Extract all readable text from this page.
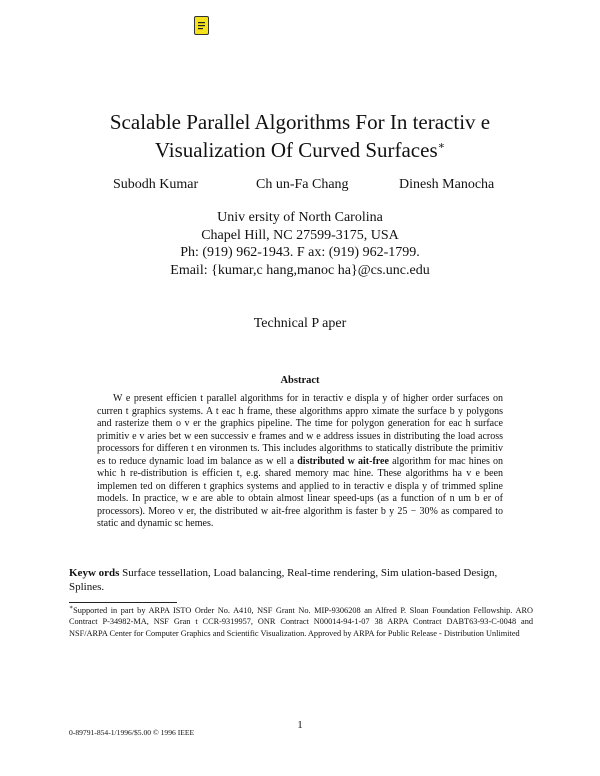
Scalable Parallel Algorithms For In teractiv e
Visualization Of Curved Surfaces∗
Subodh Kumar	Ch un-Fa Chang	Dinesh Manocha
Univ ersity of North Carolina
Chapel Hill, NC 27599-3175, USA
Ph: (919) 962-1943. F ax: (919) 962-1799.
Email: {kumar,c hang,manoc ha}@cs.unc.edu
Technical P aper
Abstract

W e present efficien t parallel algorithms for in teractiv e displa y of higher order surfaces on curren t graphics systems. A t eac h frame, these algorithms appro ximate the surface b y polygons and rasterize them o v er the graphics pipeline. The time for polygon generation for eac h surface primitiv e v aries bet w een successiv e frames and w e address issues in distributing the load across processors for differen t en vironmen ts. This includes algorithms to statically distribute the primitiv es to reduce dynamic load im balance as w ell a distributed w ait-free algorithm for mac hines on whic h re-distribution is efficien t, e.g. shared memory mac hine. These algorithms ha v e been implemen ted on differen t graphics systems and applied to in teractiv e displa y of trimmed spline models. In practice, w e are able to obtain almost linear speed-ups (as a function of n um b er of processors). Moreo v er, the distributed w ait-free algorithm is faster b y 25 − 30% as compared to static and dynamic sc hemes.

Keyw ords Surface tessellation, Load balancing, Real-time rendering, Sim ulation-based Design, Splines.
∗Supported in part by ARPA ISTO Order No. A410, NSF Grant No. MIP-9306208 an Alfred P. Sloan Foundation Fellowship. ARO Contract P-34982-MA, NSF Gran t CCR-9319957, ONR Contract N00014-94-1-07 38 ARPA Contract DABT63-93-C-0048 and NSF/ARPA Center for Computer Graphics and Scientific Visualization. Approved by ARPA for Public Release - Distribution Unlimited
1
0-89791-854-1/1996/$5.00 © 1996 IEEE
